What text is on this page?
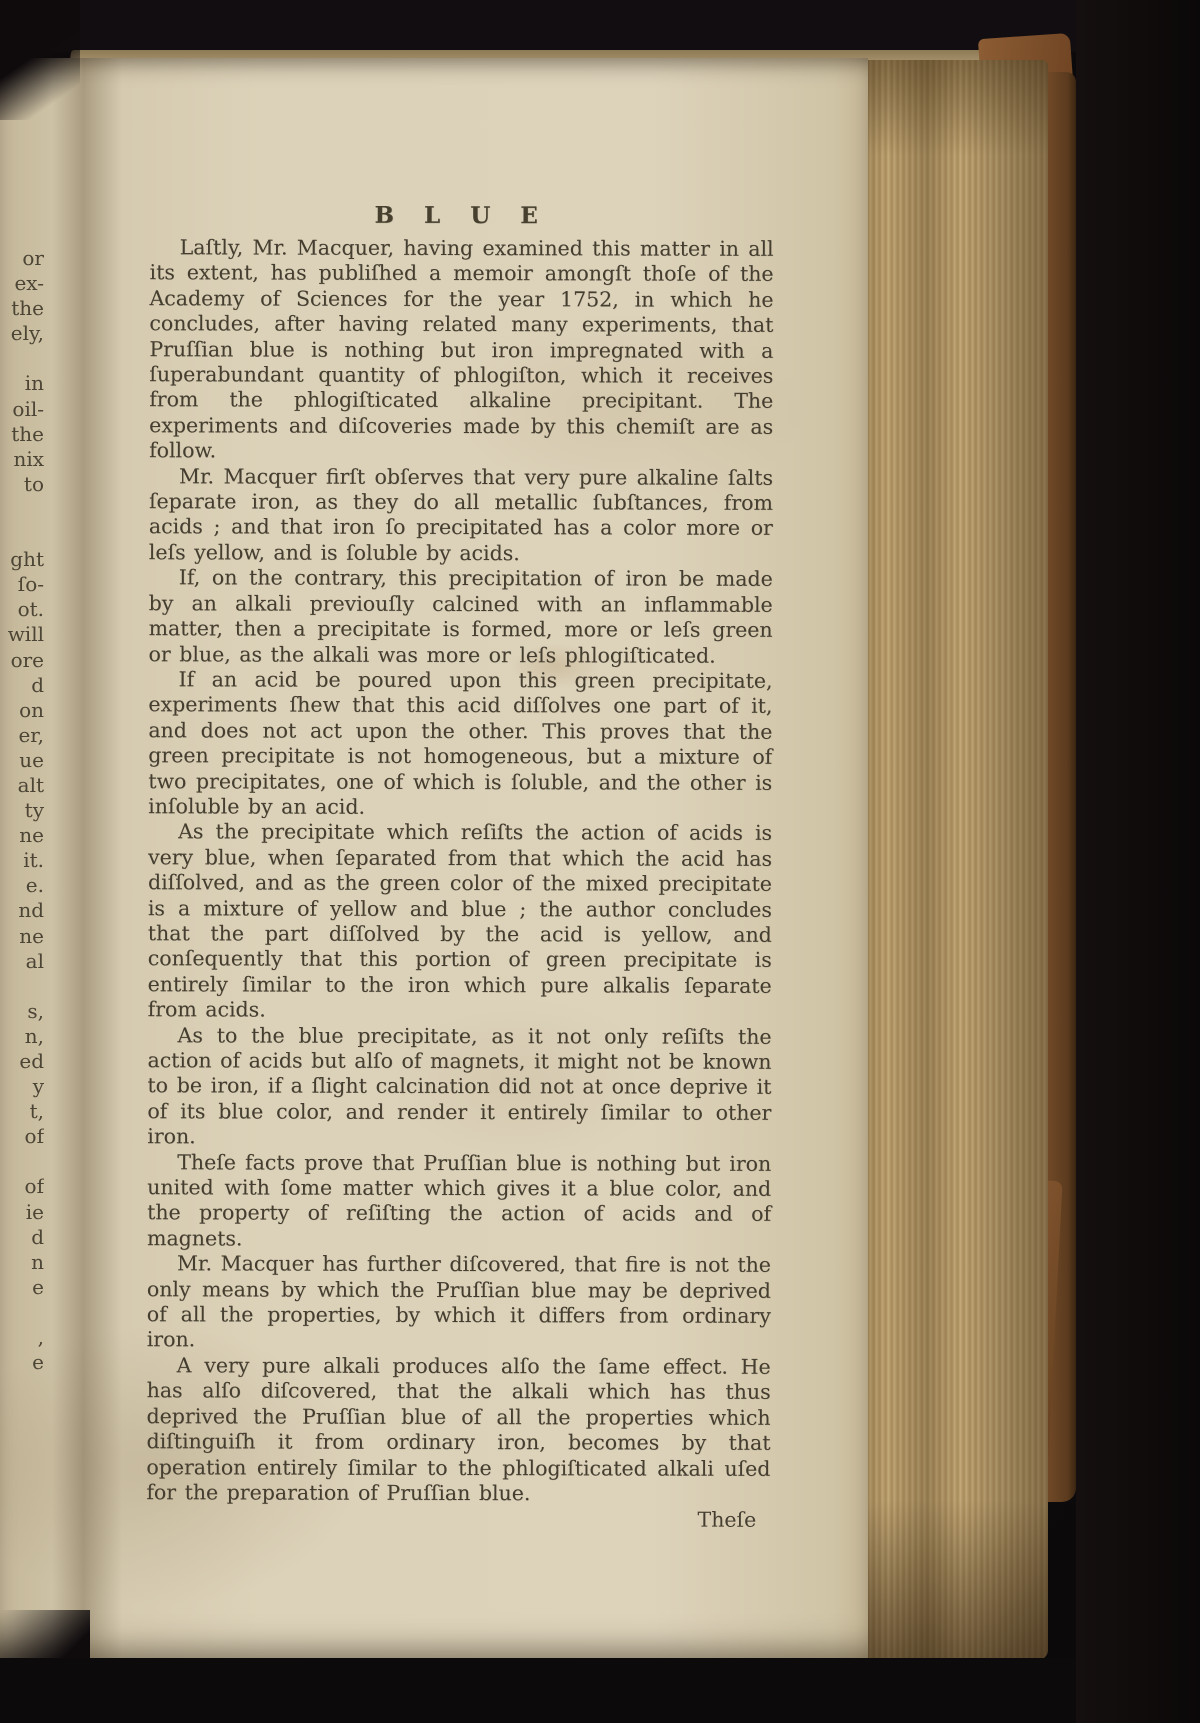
or
ex-
the
ely,
in
oil-
the
nix
to
ght
ſo-
ot.
will
ore
d
on
er,
ue
alt
ty
ne
it.
e.
nd
ne
al
s,
n,
ed
y
t,
of
of
ie
d
n
e
,
e
B L U E

Laſtly, Mr. Macquer, having examined this matter in all its extent, has publiſhed a memoir amongſt thoſe of the Academy of Sciences for the year 1752, in which he concludes, after having related many experiments, that Pruſſian blue is nothing but iron impregnated with a ſuperabundant quantity of phlogiſton, which it receives from the phlogiſticated alkaline precipitant. The experiments and diſcoveries made by this chemiſt are as follow.

Mr. Macquer firſt obſerves that very pure alkaline ſalts ſeparate iron, as they do all metallic ſubſtances, from acids ; and that iron ſo precipitated has a color more or leſs yellow, and is ſoluble by acids.

If, on the contrary, this precipitation of iron be made by an alkali previouſly calcined with an inflammable matter, then a precipitate is formed, more or leſs green or blue, as the alkali was more or leſs phlogiſticated.

If an acid be poured upon this green precipitate, experiments ſhew that this acid diſſolves one part of it, and does not act upon the other. This proves that the green precipitate is not homogeneous, but a mixture of two precipitates, one of which is ſoluble, and the other is inſoluble by an acid.

As the precipitate which reſiſts the action of acids is very blue, when ſeparated from that which the acid has diſſolved, and as the green color of the mixed precipitate is a mixture of yellow and blue ; the author concludes that the part diſſolved by the acid is yellow, and conſequently that this portion of green precipitate is entirely ſimilar to the iron which pure alkalis ſeparate from acids.

As to the blue precipitate, as it not only reſiſts the action of acids but alſo of magnets, it might not be known to be iron, if a ſlight calcination did not at once deprive it of its blue color, and render it entirely ſimilar to other iron.

Theſe facts prove that Pruſſian blue is nothing but iron united with ſome matter which gives it a blue color, and the property of reſiſting the action of acids and of magnets.

Mr. Macquer has further diſcovered, that fire is not the only means by which the Pruſſian blue may be deprived of all the properties, by which it differs from ordinary iron.

A very pure alkali produces alſo the ſame effect. He has alſo diſcovered, that the alkali which has thus deprived the Pruſſian blue of all the properties which diſtinguiſh it from ordinary iron, becomes by that operation entirely ſimilar to the phlogiſticated alkali uſed for the preparation of Pruſſian blue.

Theſe
